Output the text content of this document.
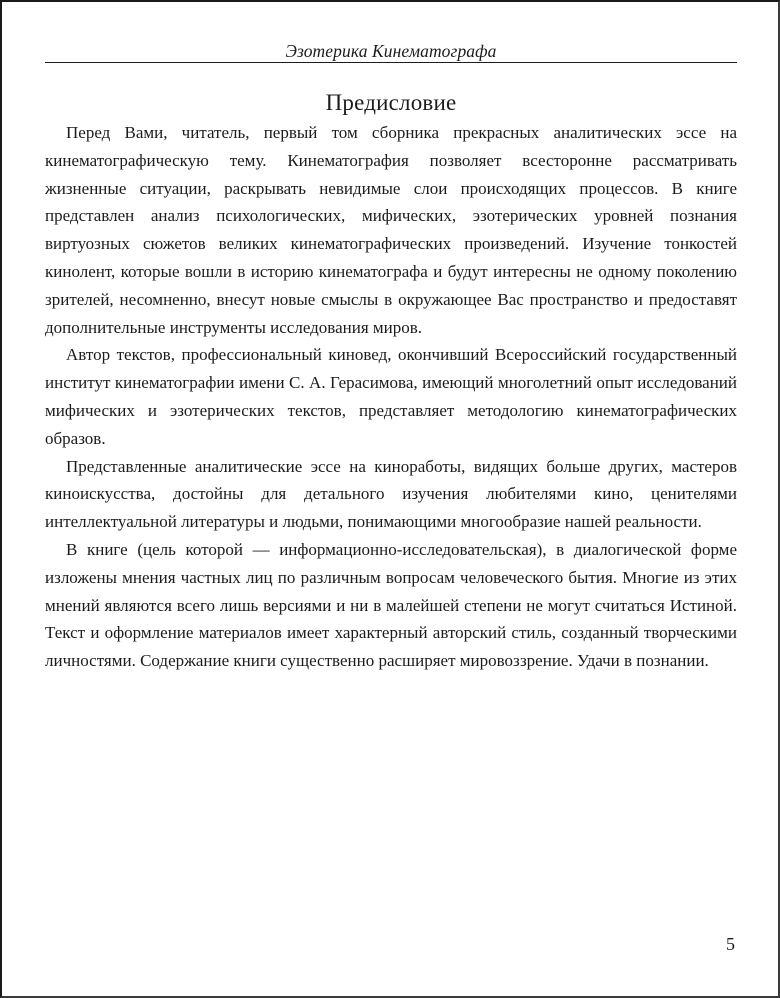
Эзотерика Кинематографа
Предисловие

Перед Вами, читатель, первый том сборника прекрасных аналитических эссе на кинематографическую тему. Кинематография позволяет всесторонне рассматривать жизненные ситуации, раскрывать невидимые слои происходящих процессов. В книге представлен анализ психологических, мифических, эзотерических уровней познания виртуозных сюжетов великих кинематографических произведений. Изучение тонкостей кинолент, которые вошли в историю кинематографа и будут интересны не одному поколению зрителей, несомненно, внесут новые смыслы в окружающее Вас пространство и предоставят дополнительные инструменты исследования миров.

Автор текстов, профессиональный киновед, окончивший Всероссийский государственный институт кинематографии имени С. А. Герасимова, имеющий многолетний опыт исследований мифических и эзотерических текстов, представляет методологию кинематографических образов.

Представленные аналитические эссе на киноработы, видящих больше других, мастеров киноискусства, достойны для детального изучения любителями кино, ценителями интеллектуальной литературы и людьми, понимающими многообразие нашей реальности.

В книге (цель которой — информационно-исследовательская), в диалогической форме изложены мнения частных лиц по различным вопросам человеческого бытия. Многие из этих мнений являются всего лишь версиями и ни в малейшей степени не могут считаться Истиной. Текст и оформление материалов имеет характерный авторский стиль, созданный творческими личностями. Содержание книги существенно расширяет мировоззрение. Удачи в познании.

5
